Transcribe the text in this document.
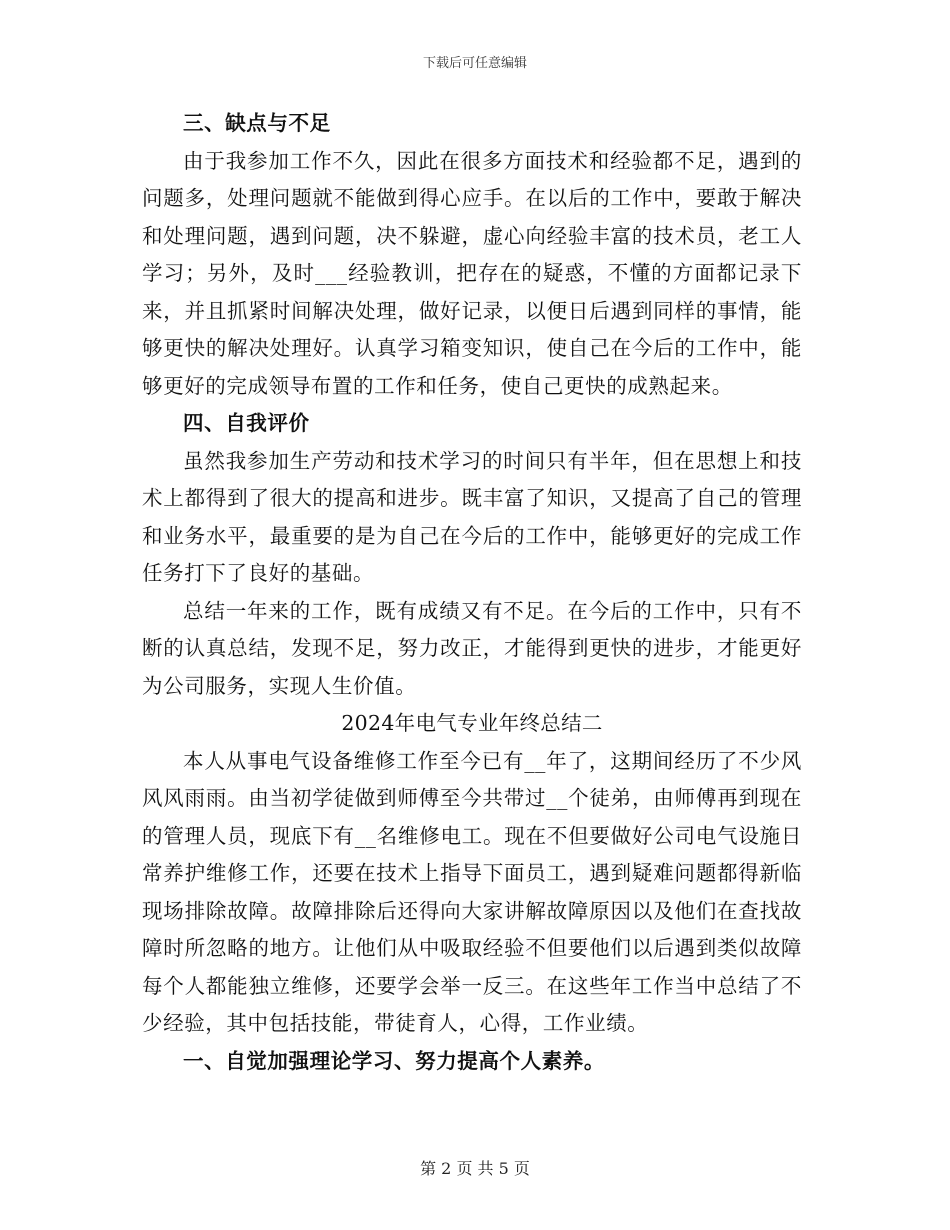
下载后可任意编辑
三、缺点与不足

由于我参加工作不久，因此在很多方面技术和经验都不足，遇到的问题多，处理问题就不能做到得心应手。在以后的工作中，要敢于解决和处理问题，遇到问题，决不躲避，虚心向经验丰富的技术员，老工人学习；另外，及时___经验教训，把存在的疑惑，不懂的方面都记录下来，并且抓紧时间解决处理，做好记录，以便日后遇到同样的事情，能够更快的解决处理好。认真学习箱变知识，使自己在今后的工作中，能够更好的完成领导布置的工作和任务，使自己更快的成熟起来。

四、自我评价

虽然我参加生产劳动和技术学习的时间只有半年，但在思想上和技术上都得到了很大的提高和进步。既丰富了知识，又提高了自己的管理和业务水平，最重要的是为自己在今后的工作中，能够更好的完成工作任务打下了良好的基础。

总结一年来的工作，既有成绩又有不足。在今后的工作中，只有不断的认真总结，发现不足，努力改正，才能得到更快的进步，才能更好为公司服务，实现人生价值。

2024年电气专业年终总结二

本人从事电气设备维修工作至今已有__年了，这期间经历了不少风风风雨雨。由当初学徒做到师傅至今共带过__个徒弟，由师傅再到现在的管理人员，现底下有__名维修电工。现在不但要做好公司电气设施日常养护维修工作，还要在技术上指导下面员工，遇到疑难问题都得新临现场排除故障。故障排除后还得向大家讲解故障原因以及他们在查找故障时所忽略的地方。让他们从中吸取经验不但要他们以后遇到类似故障每个人都能独立维修，还要学会举一反三。在这些年工作当中总结了不少经验，其中包括技能，带徒育人，心得，工作业绩。

一、自觉加强理论学习、努力提高个人素养。
第 2 页 共 5 页
